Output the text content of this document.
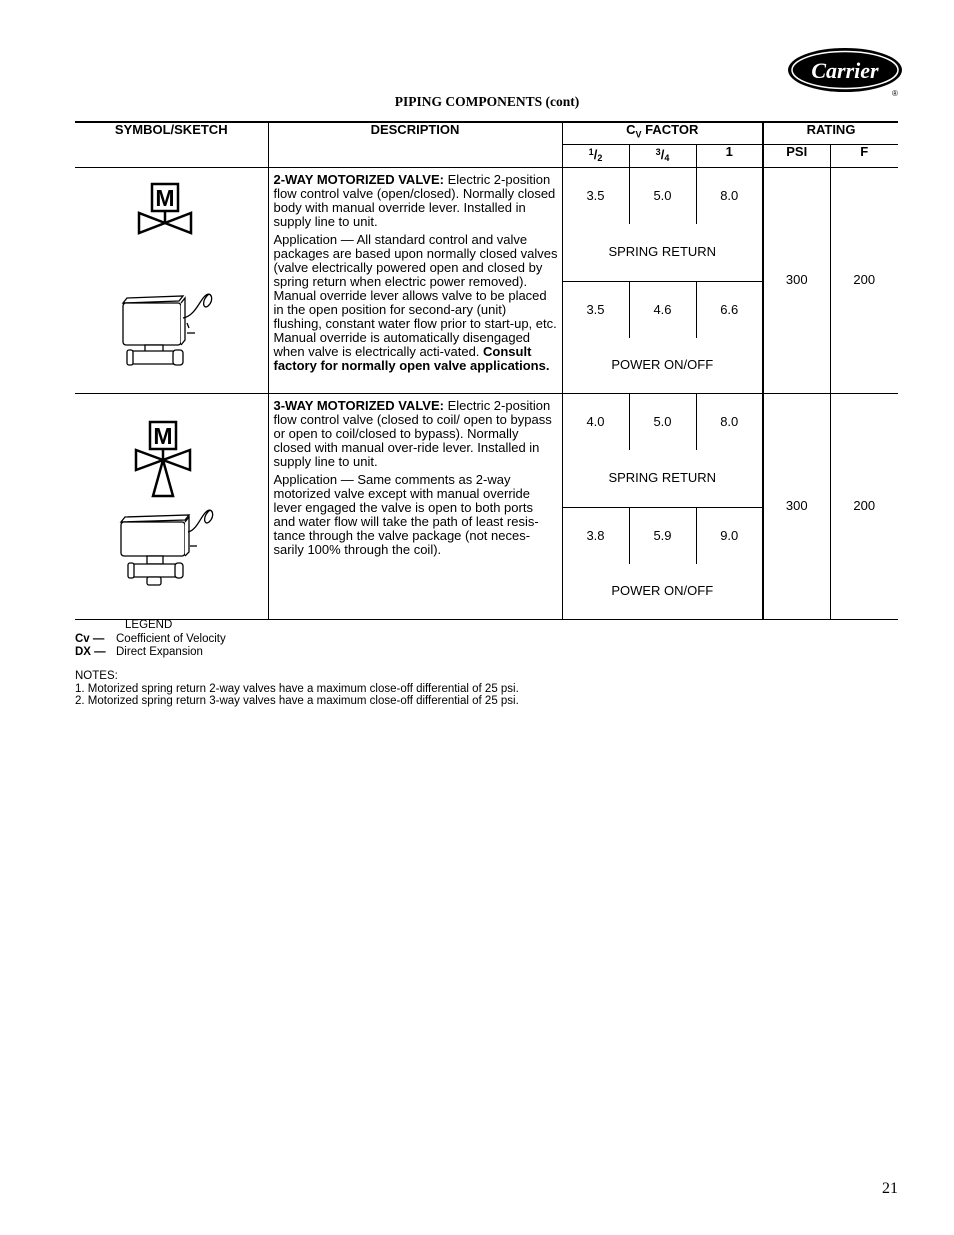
Carrier
®
PIPING COMPONENTS (cont)
SYMBOL/SKETCH	DESCRIPTION	$C_V$ FACTOR			RATING	
		$^1$/2	$^3$/4	1	PSI	F

M	2-WAY MOTORIZED VALVE: Electric 2-position flow control valve (open/closed). Normally closed body with manual override lever. Installed in supply line to unit.

Application — All standard control and valve packages are based upon normally closed valves (valve electrically powered open and closed by spring return when electric power removed). Manual override lever allows valve to be placed in the open position for second-ary (unit) flushing, constant water flow prior to start-up, etc. Manual override is automatically disengaged when valve is electrically acti-vated. Consult factory for normally open valve applications.	3.5	5.0	8.0	300	200
		SPRING RETURN				
		3.5	4.6	6.6		
		POWER ON/OFF				

M	3-WAY MOTORIZED VALVE: Electric 2-position flow control valve (closed to coil/ open to bypass or open to coil/closed to bypass). Normally closed with manual over-ride lever. Installed in supply line to unit.

Application — Same comments as 2-way motorized valve except with manual override lever engaged the valve is open to both ports and water flow will take the path of least resis-tance through the valve package (not neces-sarily 100% through the coil).	4.0	5.0	8.0	300	200
		SPRING RETURN				
		3.8	5.9	9.0		
		POWER ON/OFF				
LEGEND
Cv —	Coefficient of Velocity
DX — Direct Expansion
NOTES:
1. Motorized spring return 2-way valves have a maximum close-off differential of 25 psi.
2. Motorized spring return 3-way valves have a maximum close-off differential of 25 psi.
21
